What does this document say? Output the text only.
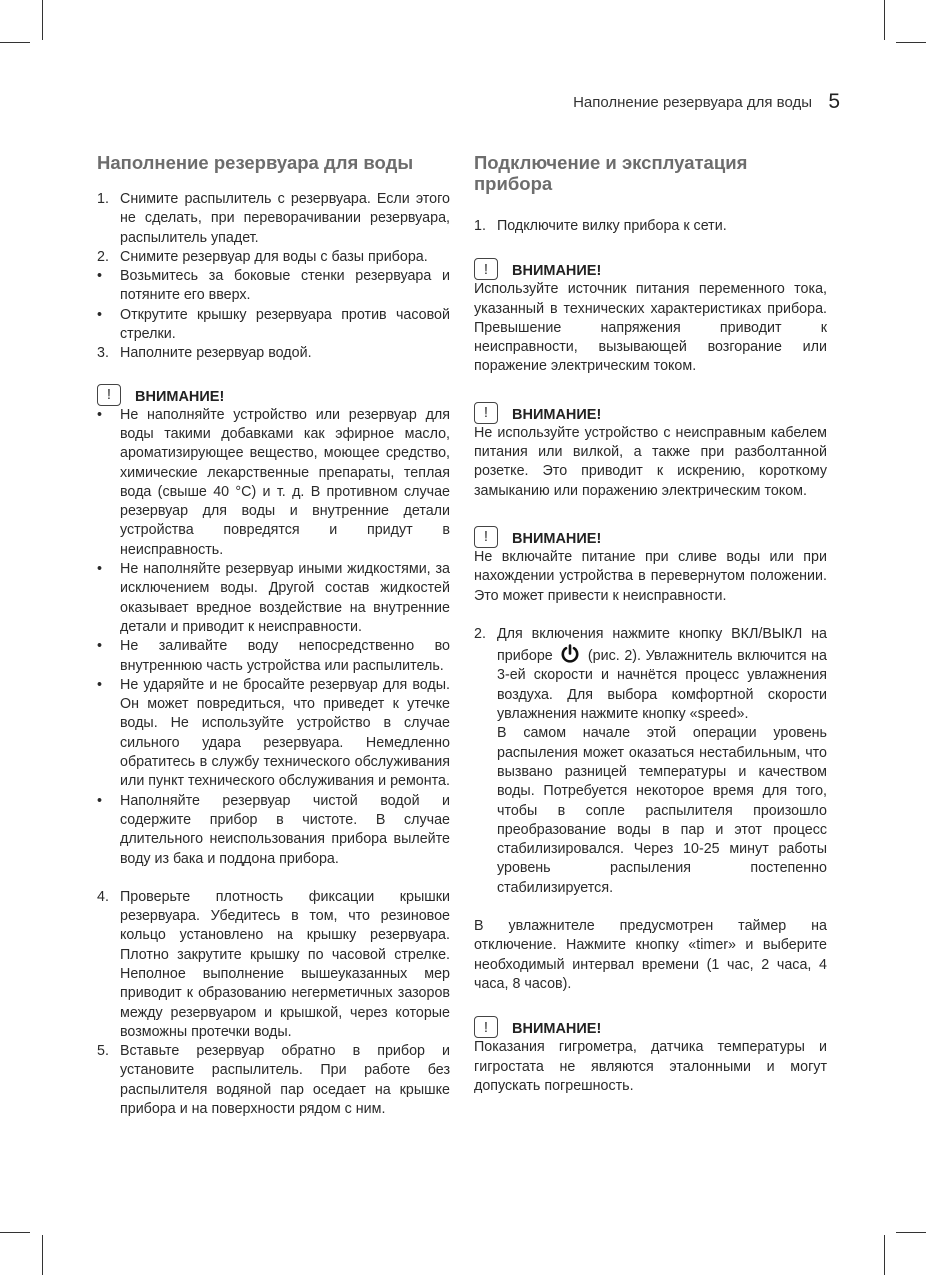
Наполнение резервуара для воды 5
Наполнение резервуара для воды
1. Снимите распылитель с резервуара. Если этого не сделать, при переворачивании резервуара, распылитель упадет.
2. Снимите резервуар для воды с базы прибора.
•	Возьмитесь за боковые стенки резервуара и потяните его вверх.
•	Открутите крышку резервуара против часовой стрелки.
3. Наполните резервуар водой.
!	ВНИМАНИЕ!
•	Не наполняйте устройство или резервуар для воды такими добавками как эфирное масло, ароматизирующее вещество, моющее средство, химические лекарственные препараты, теплая вода (свыше 40 °С) и т. д. В противном случае резервуар для воды и внутренние детали устройства повредятся и придут в неисправность.
•	Не наполняйте резервуар иными жидкостями, за исключением воды. Другой состав жидкостей оказывает вредное воздействие на внутренние детали и приводит к неисправности.
•	Не заливайте воду непосредственно во внутреннюю часть устройства или распылитель.
•	Не ударяйте и не бросайте резервуар для воды. Он может повредиться, что приведет к утечке воды. Не используйте устройство в случае сильного удара резервуара. Немедленно обратитесь в службу технического обслуживания или пункт технического обслуживания и ремонта.
•	Наполняйте резервуар чистой водой и содержите прибор в чистоте. В случае длительного неиспользования прибора вылейте воду из бака и поддона прибора.
4. Проверьте плотность фиксации крышки резервуара. Убедитесь в том, что резиновое кольцо установлено на крышку резервуара. Плотно закрутите крышку по часовой стрелке. Неполное выполнение вышеуказанных мер приводит к образованию негерметичных зазоров между резервуаром и крышкой, через которые возможны протечки воды.
5. Вставьте резервуар обратно в прибор и установите распылитель. При работе без распылителя водяной пар оседает на крышке прибора и на поверхности рядом с ним.
Подключение и эксплуатация прибора
1. Подключите вилку прибора к сети.
!	ВНИМАНИЕ!

Используйте источник питания переменного тока, указанный в технических характеристиках прибора. Превышение напряжения приводит к неисправности, вызывающей возгорание или поражение электрическим током.

!	ВНИМАНИЕ!

Не используйте устройство с неисправным кабелем питания или вилкой, а также при разболтанной розетке. Это приводит к искрению, короткому замыканию или поражению электрическим током.

!	ВНИМАНИЕ!

Не включайте питание при сливе воды или при нахождении устройства в перевернутом положении. Это может привести к неисправности.

2. Для включения нажмите кнопку ВКЛ/ВЫКЛ на приборе (рис. 2). Увлажнитель включится на 3-ей скорости и начнётся процесс увлажнения воздуха. Для выбора комфортной скорости увлажнения нажмите кнопку «speed».
В самом начале этой операции уровень распыления может оказаться нестабильным, что вызвано разницей температуры и качеством воды. Потребуется некоторое время для того, чтобы в сопле распылителя произошло преобразование воды в пар и этот процесс стабилизировался. Через 10-25 минут работы уровень распыления постепенно стабилизируется.

В увлажнителе предусмотрен таймер на отключение. Нажмите кнопку «timer» и выберите необходимый интервал времени (1 час, 2 часа, 4 часа, 8 часов).

!	ВНИМАНИЕ!

Показания гигрометра, датчика температуры и гигростата не являются эталонными и могут допускать погрешность.
